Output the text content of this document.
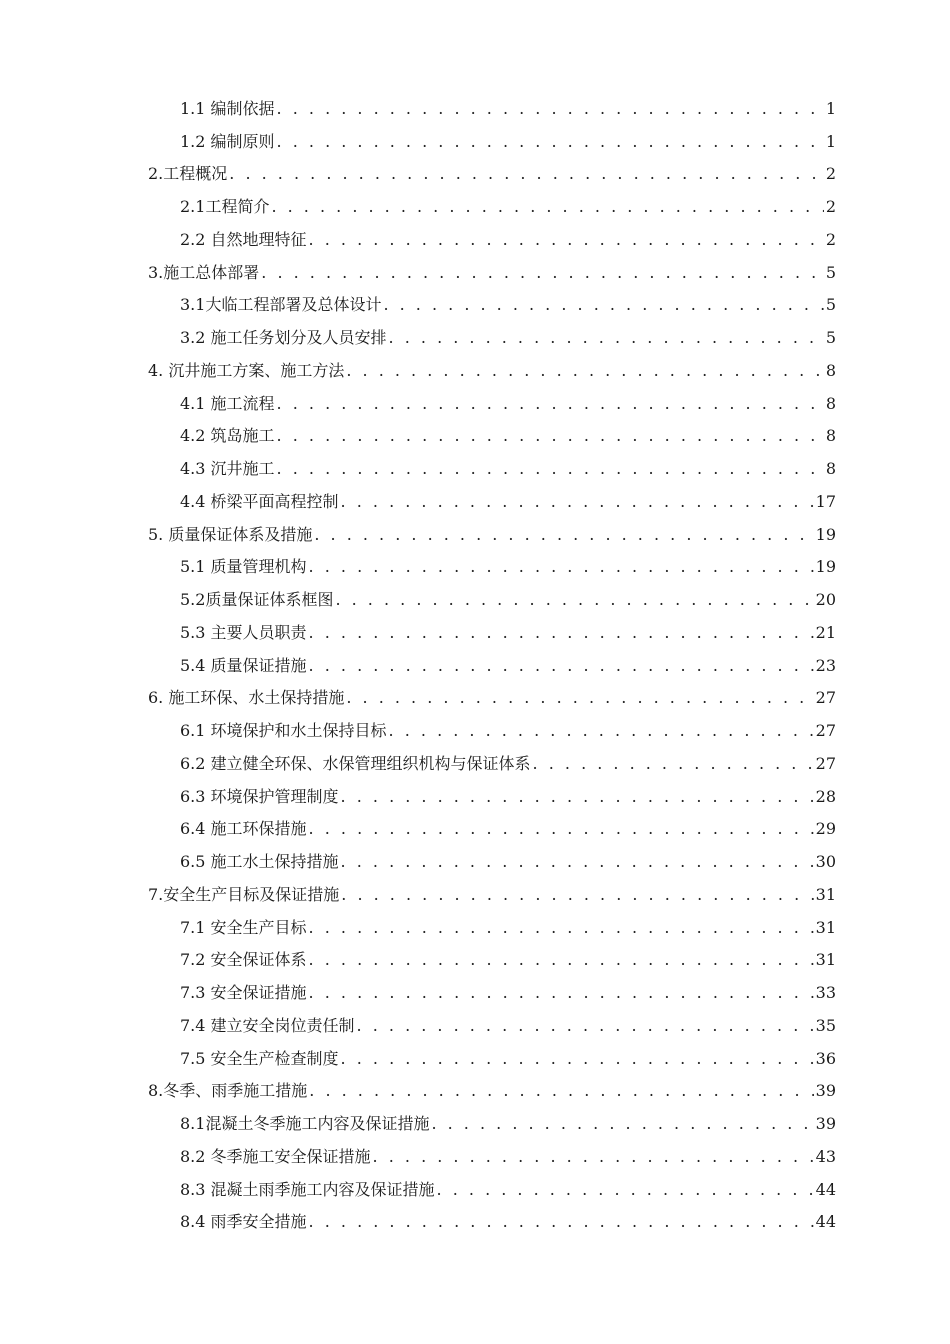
1.1 编制依据 . . .	1
1.2 编制原则 . . .	1
2.工程概况 . . .	2
2.1工程简介 . . .	2
2.2 自然地理特征 . . .	2
3.施工总体部署 . . .	5
3.1大临工程部署及总体设计 . . .	5
3.2 施工任务划分及人员安排 . . .	5
4. 沉井施工方案、施工方法 . . .	8
4.1 施工流程 . . .	8
4.2 筑岛施工 . . .	8
4.3 沉井施工 . . .	8
4.4 桥梁平面高程控制 . . .	17
5. 质量保证体系及措施 . . .	19
5.1 质量管理机构 . . .	19
5.2质量保证体系框图 . . .	20
5.3 主要人员职责 . . .	21
5.4 质量保证措施 . . .	23
6. 施工环保、水土保持措施 . . .	27
6.1 环境保护和水土保持目标 . . .	27
6.2 建立健全环保、水保管理组织机构与保证体系 . . .	27
6.3 环境保护管理制度 . . .	28
6.4 施工环保措施 . . .	29
6.5 施工水土保持措施 . . .	30
7.安全生产目标及保证措施 . . .	31
7.1 安全生产目标 . . .	31
7.2 安全保证体系 . . .	31
7.3 安全保证措施 . . .	33
7.4 建立安全岗位责任制 . . .	35
7.5 安全生产检查制度 . . .	36
8.冬季、雨季施工措施 . . .	39
8.1混凝土冬季施工内容及保证措施 . . .	39
8.2 冬季施工安全保证措施 . . .	43
8.3 混凝土雨季施工内容及保证措施 . . .	44
8.4 雨季安全措施 . . .	44
